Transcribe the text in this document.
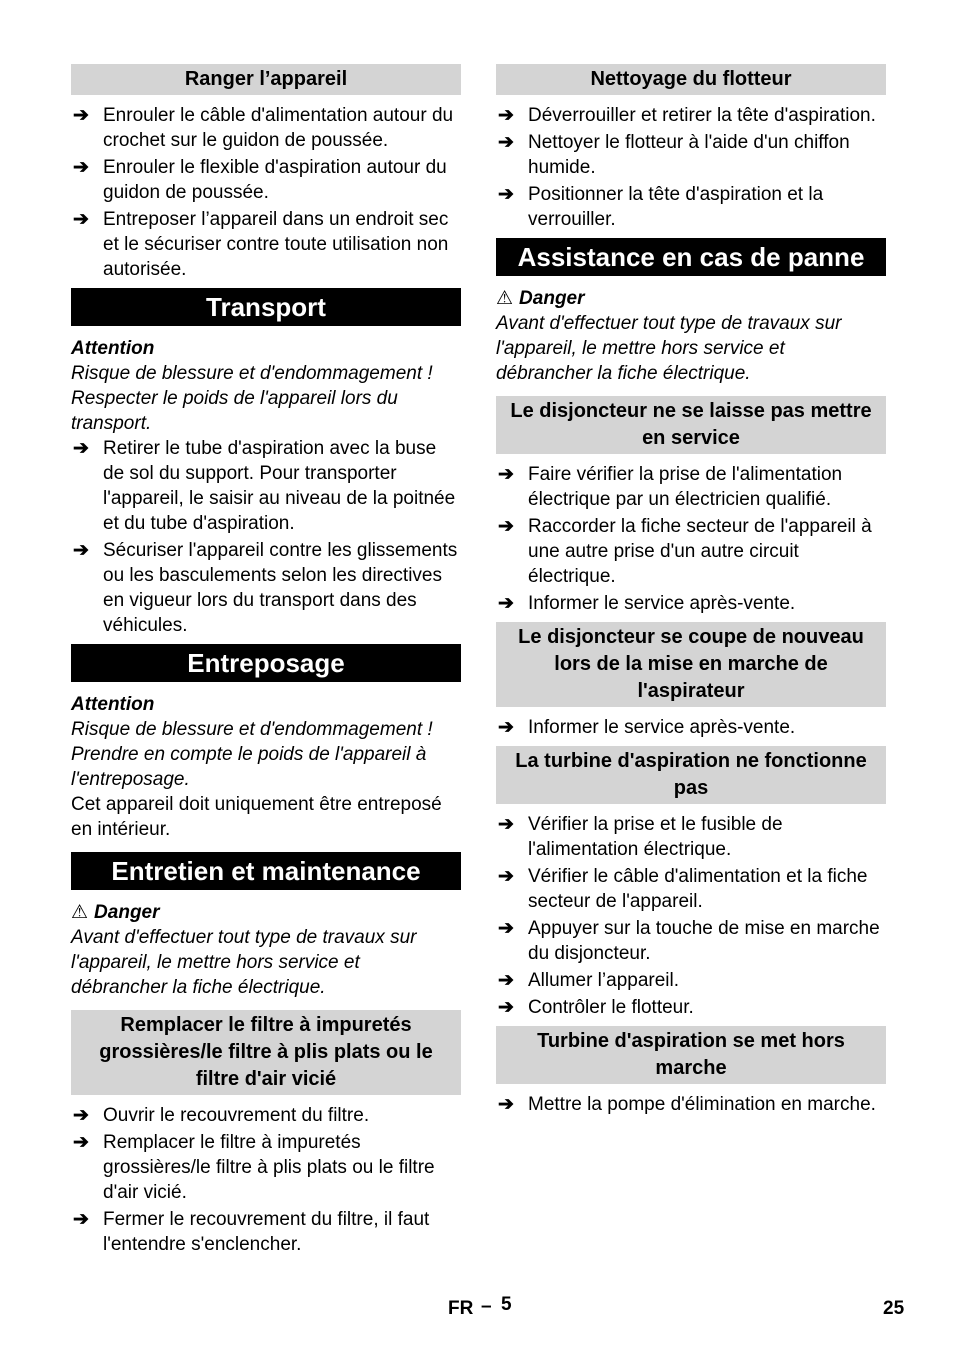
Ranger l’appareil
➔ Enrouler le câble d'alimentation autour du crochet sur le guidon de poussée.
➔ Enrouler le flexible d'aspiration autour du guidon de poussée.
➔ Entreposer l’appareil dans un endroit sec et le sécuriser contre toute utilisation non autorisée.
Transport
Attention
Risque de blessure et d'endommagement ! Respecter le poids de l'appareil lors du transport.
➔ Retirer le tube d'aspiration avec la buse de sol du support. Pour transporter l'appareil, le saisir au niveau de la poitnée et du tube d'aspiration.
➔ Sécuriser l'appareil contre les glissements ou les basculements selon les directives en vigueur lors du transport dans des véhicules.
Entreposage
Attention
Risque de blessure et d'endommagement ! Prendre en compte le poids de l'appareil à l'entreposage.
Cet appareil doit uniquement être entreposé en intérieur.
Entretien et maintenance
⚠ Danger
Avant d'effectuer tout type de travaux sur l'appareil, le mettre hors service et débrancher la fiche électrique.
Remplacer le filtre à impuretés grossières/le filtre à plis plats ou le filtre d'air vicié
➔ Ouvrir le recouvrement du filtre.
➔ Remplacer le filtre à impuretés grossières/le filtre à plis plats ou le filtre d'air vicié.
➔ Fermer le recouvrement du filtre, il faut l'entendre s'enclencher.
Nettoyage du flotteur
➔ Déverrouiller et retirer la tête d'aspiration.
➔ Nettoyer le flotteur à l'aide d'un chiffon humide.
➔ Positionner la tête d'aspiration et la verrouiller.
Assistance en cas de panne
⚠ Danger
Avant d'effectuer tout type de travaux sur l'appareil, le mettre hors service et débrancher la fiche électrique.
Le disjoncteur ne se laisse pas mettre en service
➔ Faire vérifier la prise de l'alimentation électrique par un électricien qualifié.
➔ Raccorder la fiche secteur de l'appareil à une autre prise d'un autre circuit électrique.
➔ Informer le service après-vente.
Le disjoncteur se coupe de nouveau lors de la mise en marche de l'aspirateur
➔ Informer le service après-vente.
La turbine d'aspiration ne fonctionne pas
➔ Vérifier la prise et le fusible de l'alimentation électrique.
➔ Vérifier le câble d'alimentation et la fiche secteur de l'appareil.
➔ Appuyer sur la touche de mise en marche du disjoncteur.
➔ Allumer l’appareil.
➔ Contrôler le flotteur.
Turbine d'aspiration se met hors marche
➔ Mettre la pompe d'élimination en marche.
FR – 5	25
